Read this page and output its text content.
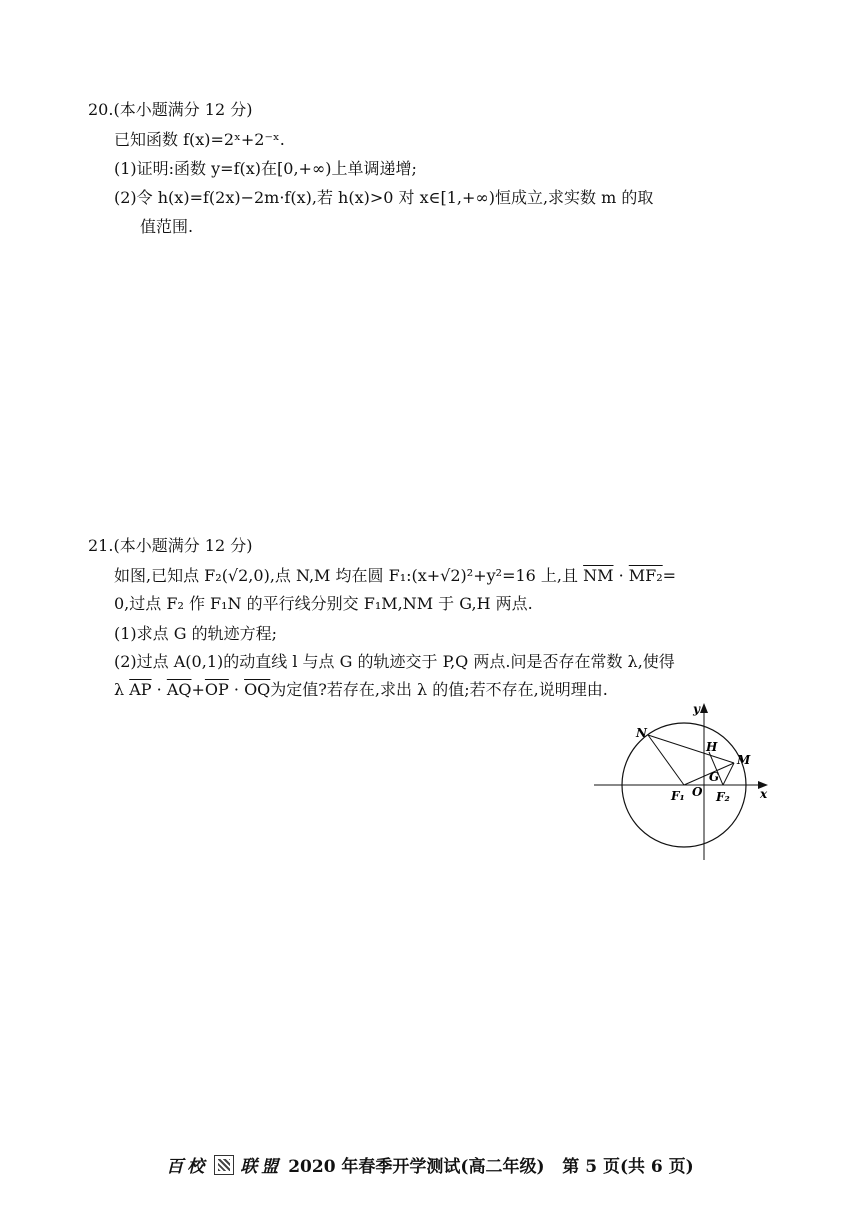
20.(本小题满分 12 分)
已知函数 f(x)=2ˣ+2⁻ˣ.
(1)证明:函数 y=f(x)在[0,+∞)上单调递增;
(2)令 h(x)=f(2x)−2m·f(x),若 h(x)>0 对 x∈[1,+∞)恒成立,求实数 m 的取
值范围.
21.(本小题满分 12 分)
如图,已知点 F₂(√2,0),点 N,M 均在圆 F₁:(x+√2)²+y²=16 上,且 $\overline{NM} \cdot MF_2=$
0,过点 F₂ 作 F₁N 的平行线分别交 F₁M,NM 于 G,H 两点.
(1)求点 G 的轨迹方程;
(2)过点 A(0,1)的动直线 l 与点 G 的轨迹交于 P,Q 两点.问是否存在常数 λ,使得
λ $\overline{AP} \cdot \overline{AQ}+\overline{OP} \cdot \overline{OQ}$为定值?若存在,求出 λ 的值;若不存在,说明理由.
N
H
M
G
F₁ O F₂	x
y
百校 联盟 2020 年春季开学测试(高二年级) 第 5 页(共 6 页)
